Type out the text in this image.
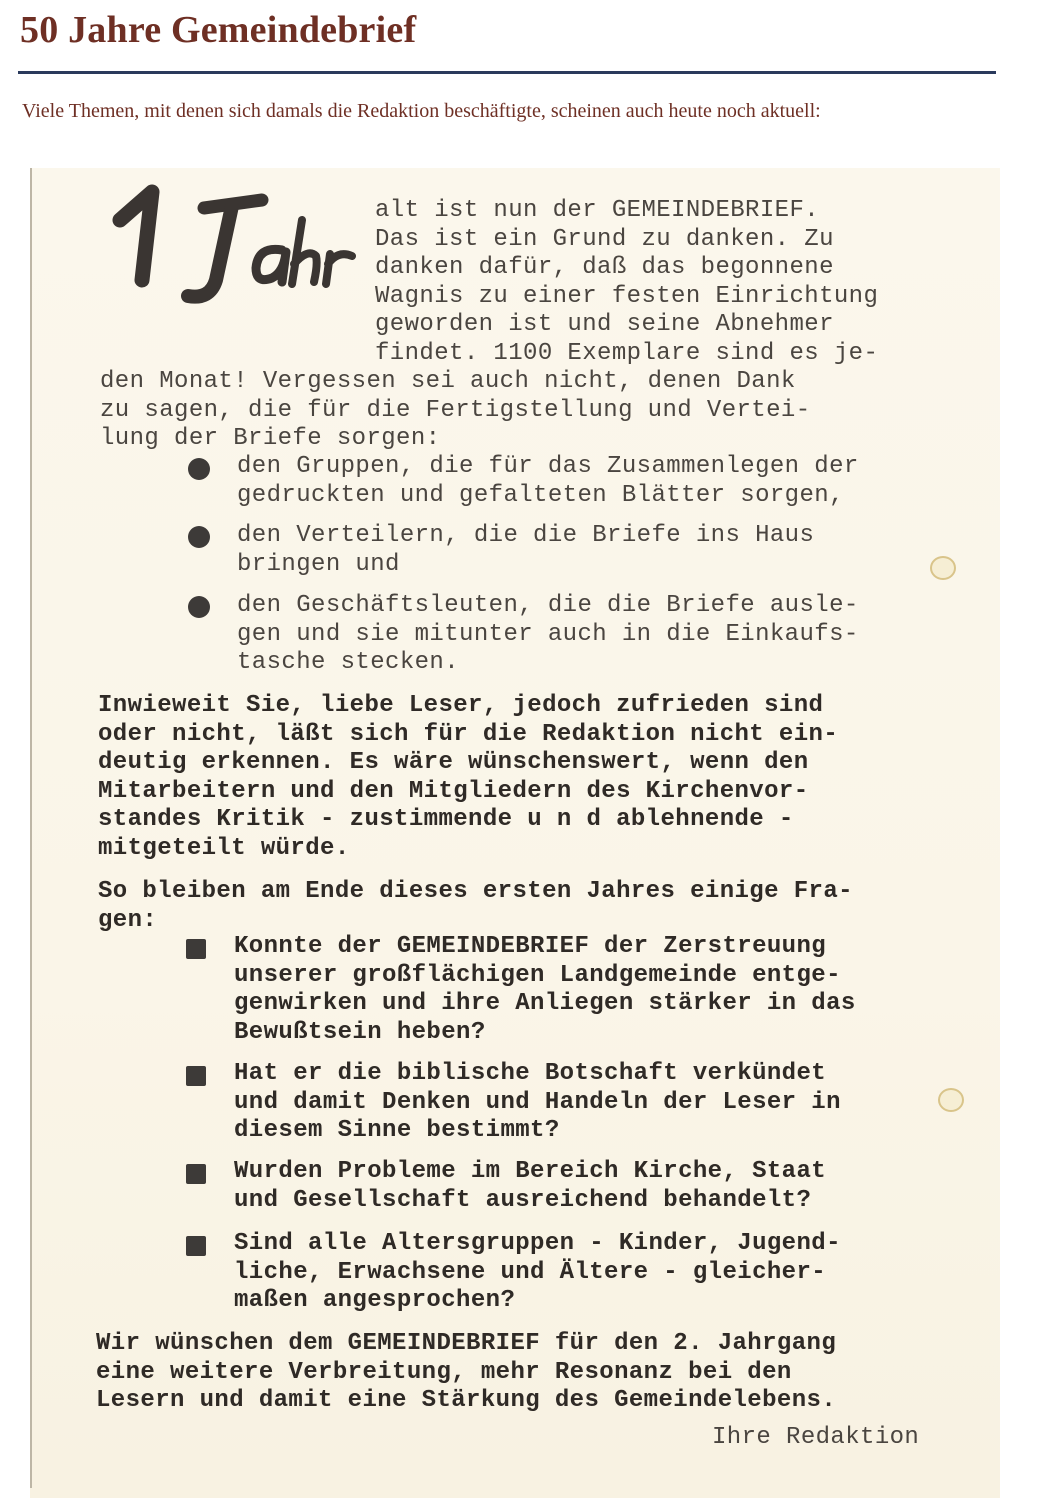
50 Jahre Gemeindebrief
Viele Themen, mit denen sich damals die Redaktion beschäftigte, scheinen auch heute noch aktuell:
alt ist nun der GEMEINDEBRIEF.
Das ist ein Grund zu danken. Zu
danken dafür, daß das begonnene
Wagnis zu einer festen Einrichtung
geworden ist und seine Abnehmer
findet. 1100 Exemplare sind es je-
den Monat! Vergessen sei auch nicht, denen Dank
zu sagen, die für die Fertigstellung und Vertei-
lung der Briefe sorgen:
den Gruppen, die für das Zusammenlegen der
gedruckten und gefalteten Blätter sorgen,
den Verteilern, die die Briefe ins Haus
bringen und
den Geschäftsleuten, die die Briefe ausle-
gen und sie mitunter auch in die Einkaufs-
tasche stecken.
Inwieweit Sie, liebe Leser, jedoch zufrieden sind
oder nicht, läßt sich für die Redaktion nicht ein-
deutig erkennen. Es wäre wünschenswert, wenn den
Mitarbeitern und den Mitgliedern des Kirchenvor-
standes Kritik - zustimmende u n d ablehnende -
mitgeteilt würde.
So bleiben am Ende dieses ersten Jahres einige Fra-
gen:
Konnte der GEMEINDEBRIEF der Zerstreuung
unserer großflächigen Landgemeinde entge-
genwirken und ihre Anliegen stärker in das
Bewußtsein heben?
Hat er die biblische Botschaft verkündet
und damit Denken und Handeln der Leser in
diesem Sinne bestimmt?
Wurden Probleme im Bereich Kirche, Staat
und Gesellschaft ausreichend behandelt?
Sind alle Altersgruppen - Kinder, Jugend-
liche, Erwachsene und Ältere - gleicher-
maßen angesprochen?
Wir wünschen dem GEMEINDEBRIEF für den 2. Jahrgang
eine weitere Verbreitung, mehr Resonanz bei den
Lesern und damit eine Stärkung des Gemeindelebens.
Ihre Redaktion
